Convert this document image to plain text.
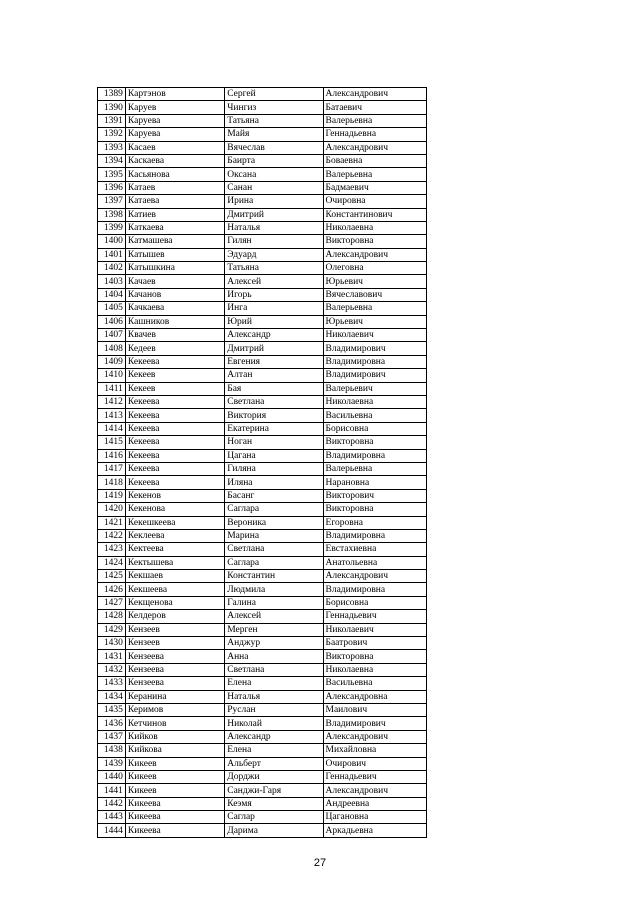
1389	Картэнов	Сергей	Александрович
1390	Каруев	Чингиз	Батаевич
1391	Каруева	Татьяна	Валерьевна
1392	Каруева	Майя	Геннадьевна
1393	Касаев	Вячеслав	Александрович
1394	Каскаева	Баирта	Боваевна
1395	Касьянова	Оксана	Валерьевна
1396	Катаев	Санан	Бадмаевич
1397	Катаева	Ирина	Очировна
1398	Катиев	Дмитрий	Константинович
1399	Каткаева	Наталья	Николаевна
1400	Катмашева	Гилян	Викторовна
1401	Катышев	Эдуард	Александрович
1402	Катышкина	Татьяна	Олеговна
1403	Качаев	Алексей	Юрьевич
1404	Качанов	Игорь	Вячеславович
1405	Качкаева	Инга	Валерьевна
1406	Кашников	Юрий	Юрьевич
1407	Квачев	Александр	Николаевич
1408	Кедеев	Дмитрий	Владимирович
1409	Кекеева	Евгения	Владимировна
1410	Кекеев	Алтан	Владимирович
1411	Кекеев	Бая	Валерьевич
1412	Кекеева	Светлана	Николаевна
1413	Кекеева	Виктория	Васильевна
1414	Кекеева	Екатерина	Борисовна
1415	Кекеева	Ноган	Викторовна
1416	Кекеева	Цагана	Владимировна
1417	Кекеева	Гиляна	Валерьевна
1418	Кекеева	Иляна	Нарановна
1419	Кекенов	Басанг	Викторович
1420	Кекенова	Саглара	Викторовна
1421	Кекешкеева	Вероника	Егоровна
1422	Кеклеева	Марина	Владимировна
1423	Кектеева	Светлана	Евстахиевна
1424	Кектышева	Саглара	Анатольевна
1425	Кекшаев	Константин	Александрович
1426	Кекшеева	Людмила	Владимировна
1427	Кекщенова	Галина	Борисовна
1428	Келдеров	Алексей	Геннадьевич
1429	Кензеев	Мерген	Николаевич
1430	Кензеев	Анджур	Баатрович
1431	Кензеева	Анна	Викторовна
1432	Кензеева	Светлана	Николаевна
1433	Кензеева	Елена	Васильевна
1434	Керанина	Наталья	Александровна
1435	Керимов	Руслан	Маилович
1436	Кетчинов	Николай	Владимирович
1437	Кийков	Александр	Александрович
1438	Кийкова	Елена	Михайловна
1439	Кикеев	Альберт	Очирович
1440	Кикеев	Дорджи	Геннадьевич
1441	Кикеев	Санджи-Гаря	Александрович
1442	Кикеева	Кеэмя	Андреевна
1443	Кикеева	Саглар	Цагановна
1444	Кикеева	Дарима	Аркадьевна
27
